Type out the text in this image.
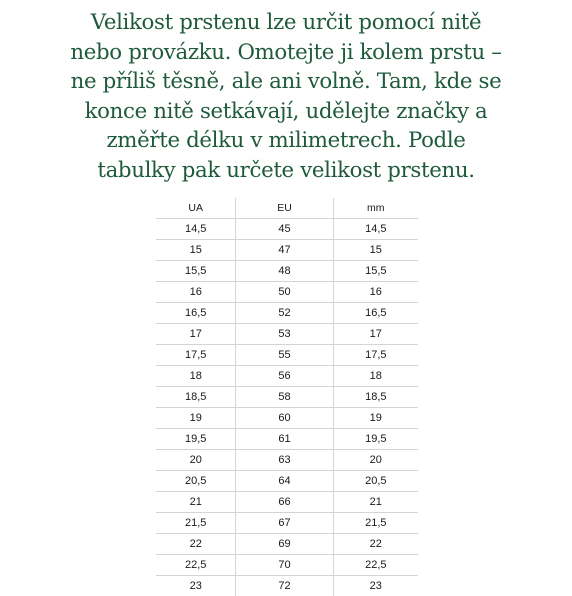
Velikost prstenu lze určit pomocí nitě
nebo provázku. Omotejte ji kolem prstu –
ne příliš těsně, ale ani volně. Tam, kde se
konce nitě setkávají, udělejte značky a
změřte délku v milimetrech. Podle
tabulky pak určete velikost prstenu.

UA	EU	mm
14,5	45	14,5
15	47	15
15,5	48	15,5
16	50	16
16,5	52	16,5
17	53	17
17,5	55	17,5
18	56	18
18,5	58	18,5
19	60	19
19,5	61	19,5
20	63	20
20,5	64	20,5
21	66	21
21,5	67	21,5
22	69	22
22,5	70	22,5
23	72	23
